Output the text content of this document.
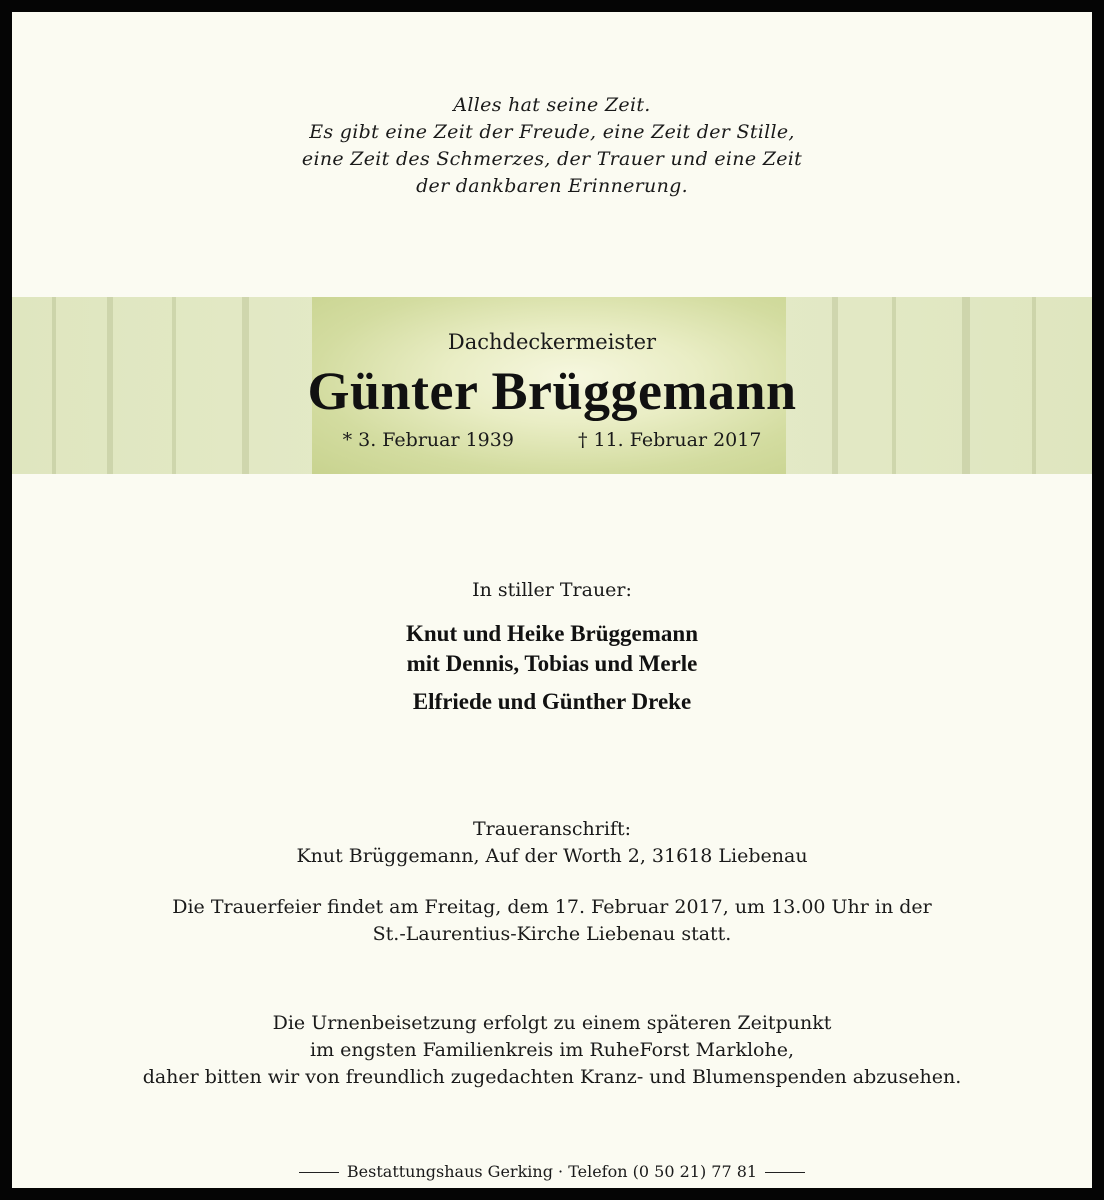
Alles hat seine Zeit.
Es gibt eine Zeit der Freude, eine Zeit der Stille,
eine Zeit des Schmerzes, der Trauer und eine Zeit
der dankbaren Erinnerung.
Dachdeckermeister
Günter Brüggemann
* 3. Februar 1939	† 11. Februar 2017
In stiller Trauer:
Knut und Heike Brüggemann
mit Dennis, Tobias und Merle
Elfriede und Günther Dreke
Traueranschrift:
Knut Brüggemann, Auf der Worth 2, 31618 Liebenau
Die Trauerfeier findet am Freitag, dem 17. Februar 2017, um 13.00 Uhr in der
St.-Laurentius-Kirche Liebenau statt.
Die Urnenbeisetzung erfolgt zu einem späteren Zeitpunkt
im engsten Familienkreis im RuheForst Marklohe,
daher bitten wir von freundlich zugedachten Kranz- und Blumenspenden abzusehen.
Bestattungshaus Gerking · Telefon (0 50 21) 77 81
